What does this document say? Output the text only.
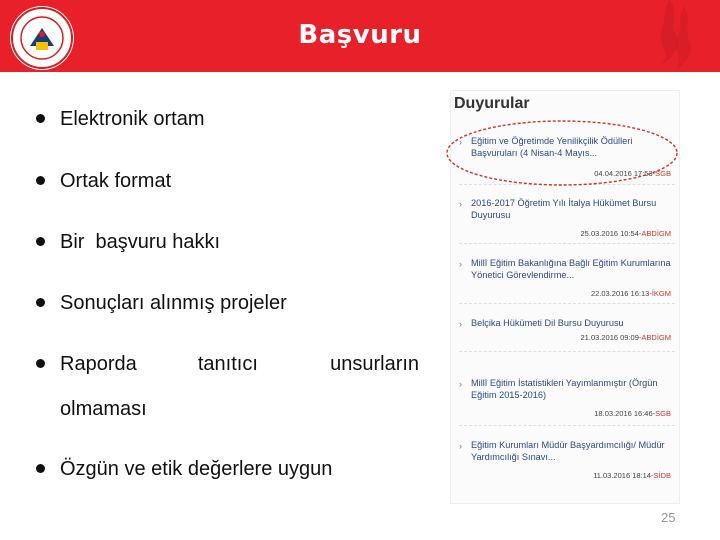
Başvuru
Elektronik ortam
Ortak format
Bir  başvuru hakkı
Sonuçları alınmış projeler
Raporda           tanıtıcı             unsurların
olmaması
Özgün ve etik değerlere uygun
Duyurular
› Eğitim ve Öğretimde Yenilikçilik Ödülleri Başvuruları (4 Nisan-4 Mayıs...
04.04.2016 17:53-SGB
› 2016-2017 Öğretim Yılı İtalya Hükümet Bursu Duyurusu
25.03.2016 10:54-ABDİGM
› Millî Eğitim Bakanlığına Bağlı Eğitim Kurumlarına Yönetici Görevlendirme...
22.03.2016 16:13-İKGM
› Belçika Hükümeti Dil Bursu Duyurusu
21.03.2016 09:09-ABDİGM
› Millî Eğitim İstatistikleri Yayımlanmıştır (Örgün Eğitim 2015-2016)
18.03.2016 16:46-SGB
› Eğitim Kurumları Müdür Başyardımcılığı/ Müdür Yardımcılığı Sınavı...
11.03.2016 18:14-SİDB
25
